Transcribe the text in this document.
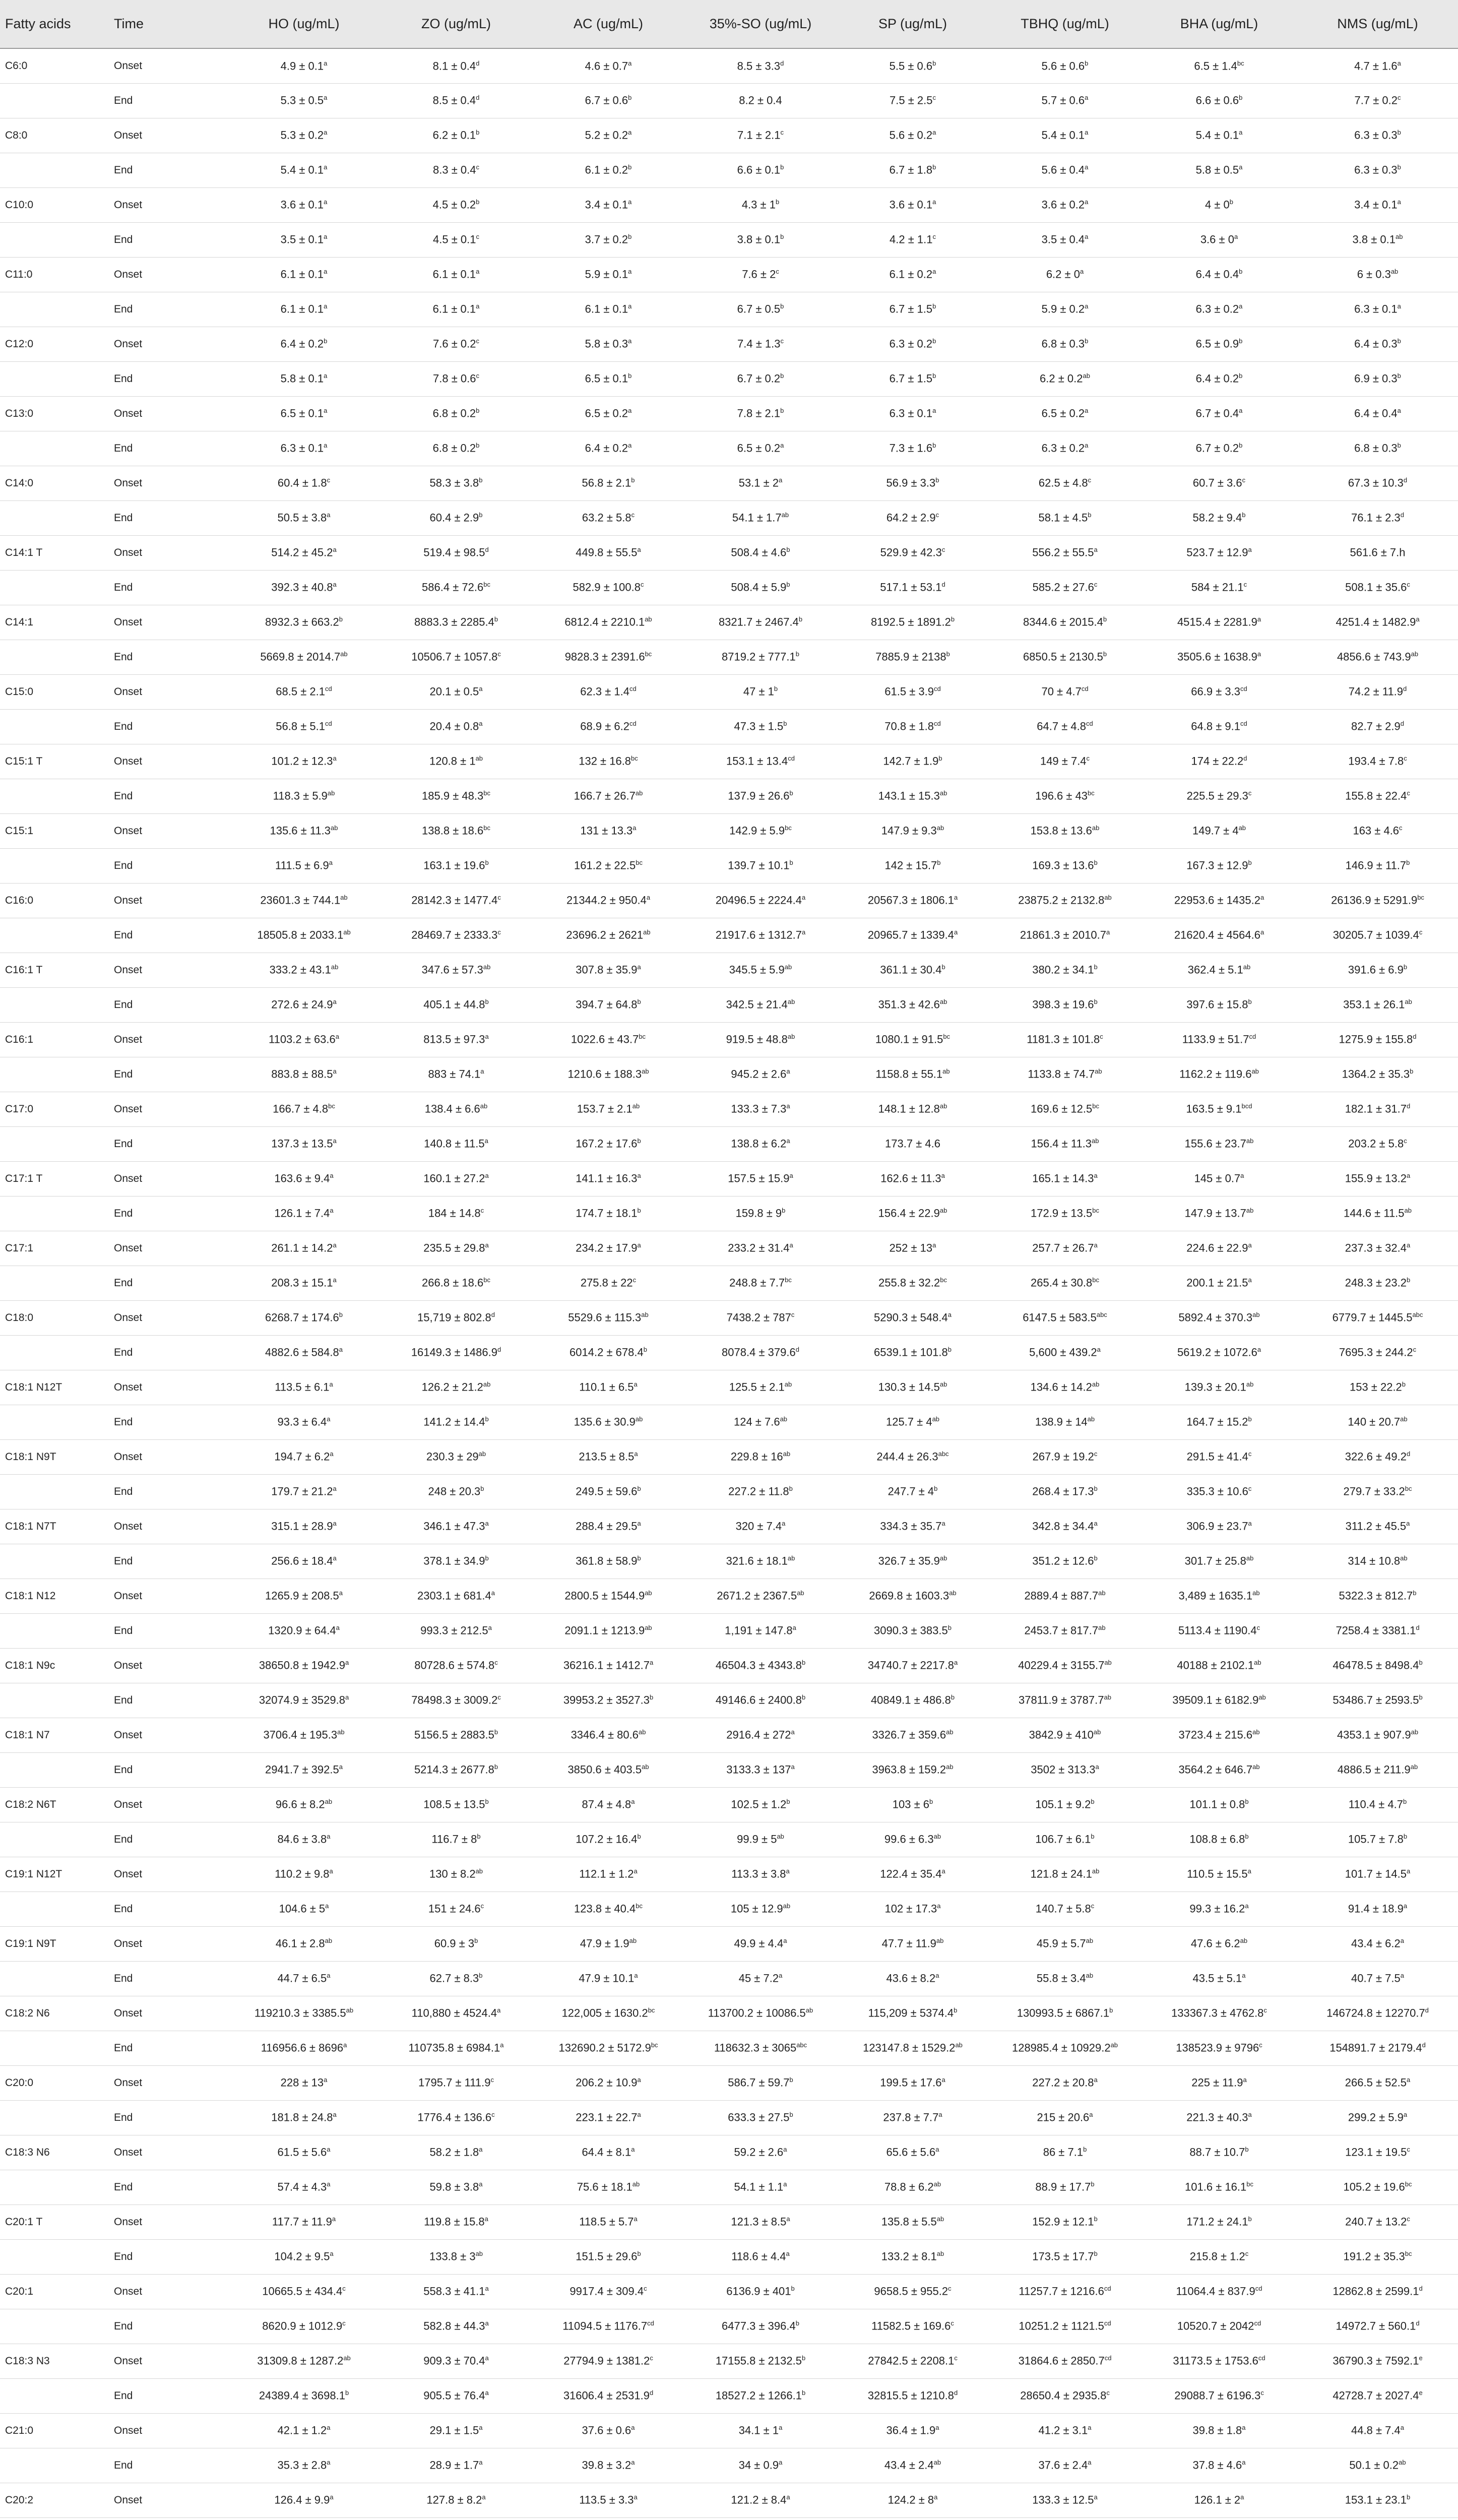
Fatty acids	Time	HO (ug/mL)	ZO (ug/mL)	AC (ug/mL)	35%-SO (ug/mL)	SP (ug/mL)	TBHQ (ug/mL)	BHA (ug/mL)	NMS (ug/mL)
C6:0	Onset	4.9 ± 0.1$^a$	8.1 ± 0.4$^d$	4.6 ± 0.7$^a$	8.5 ± 3.3$^d$	5.5 ± 0.6$^b$	5.6 ± 0.6$^b$	6.5 ± 1.4$^{bc}$	4.7 ± 1.6$^a$
	End	5.3 ± 0.5$^a$	8.5 ± 0.4$^d$	6.7 ± 0.6$^b$	8.2 ± 0.4	7.5 ± 2.5$^c$	5.7 ± 0.6$^a$	6.6 ± 0.6$^b$	7.7 ± 0.2$^c$
C8:0	Onset	5.3 ± 0.2$^a$	6.2 ± 0.1$^b$	5.2 ± 0.2$^a$	7.1 ± 2.1$^c$	5.6 ± 0.2$^a$	5.4 ± 0.1$^a$	5.4 ± 0.1$^a$	6.3 ± 0.3$^b$
	End	5.4 ± 0.1$^a$	8.3 ± 0.4$^c$	6.1 ± 0.2$^b$	6.6 ± 0.1$^b$	6.7 ± 1.8$^b$	5.6 ± 0.4$^a$	5.8 ± 0.5$^a$	6.3 ± 0.3$^b$
C10:0	Onset	3.6 ± 0.1$^a$	4.5 ± 0.2$^b$	3.4 ± 0.1$^a$	$4.3 \pm 1^b$	3.6 ± 0.1$^a$	3.6 ± 0.2$^a$	$4 \pm 0^b$	3.4 ± 0.1$^a$
	End	3.5 ± 0.1$^a$	4.5 ± 0.1$^c$	3.7 ± 0.2$^b$	3.8 ± 0.1$^b$	4.2 ± 1.1$^c$	3.5 ± 0.4$^a$	$3.6 \pm 0^a$	3.8 ± 0.1$^{ab}$
C11:0	Onset	6.1 ± 0.1$^a$	6.1 ± 0.1$^a$	5.9 ± 0.1$^a$	$7.6 \pm 2^c$	6.1 ± 0.2$^a$	$6.2 \pm 0^a$	6.4 ± 0.4$^b$	6 ± 0.3$^{ab}$
	End	6.1 ± 0.1$^a$	6.1 ± 0.1$^a$	6.1 ± 0.1$^a$	6.7 ± 0.5$^b$	6.7 ± 1.5$^b$	5.9 ± 0.2$^a$	6.3 ± 0.2$^a$	6.3 ± 0.1$^a$
C12:0	Onset	6.4 ± 0.2$^b$	7.6 ± 0.2$^c$	5.8 ± 0.3$^a$	7.4 ± 1.3$^c$	6.3 ± 0.2$^b$	6.8 ± 0.3$^b$	6.5 ± 0.9$^b$	6.4 ± 0.3$^b$
	End	5.8 ± 0.1$^a$	7.8 ± 0.6$^c$	6.5 ± 0.1$^b$	6.7 ± 0.2$^b$	6.7 ± 1.5$^b$	6.2 ± 0.2$^{ab}$	6.4 ± 0.2$^b$	6.9 ± 0.3$^b$
C13:0	Onset	6.5 ± 0.1$^a$	6.8 ± 0.2$^b$	6.5 ± 0.2$^a$	7.8 ± 2.1$^b$	6.3 ± 0.1$^a$	6.5 ± 0.2$^a$	6.7 ± 0.4$^a$	6.4 ± 0.4$^a$
	End	6.3 ± 0.1$^a$	6.8 ± 0.2$^b$	6.4 ± 0.2$^a$	6.5 ± 0.2$^a$	7.3 ± 1.6$^b$	6.3 ± 0.2$^a$	6.7 ± 0.2$^b$	6.8 ± 0.3$^b$
C14:0	Onset	60.4 ± 1.8$^c$	58.3 ± 3.8$^b$	56.8 ± 2.1$^b$	$53.1 \pm 2^a$	56.9 ± 3.3$^b$	62.5 ± 4.8$^c$	60.7 ± 3.6$^c$	67.3 ± 10.3$^d$
	End	50.5 ± 3.8$^a$	60.4 ± 2.9$^b$	63.2 ± 5.8$^c$	54.1 ± 1.7$^{ab}$	64.2 ± 2.9$^c$	58.1 ± 4.5$^b$	58.2 ± 9.4$^b$	76.1 ± 2.3$^d$
C14:1 T	Onset	514.2 ± 45.2$^a$	519.4 ± 98.5$^d$	449.8 ± 55.5$^a$	508.4 ± 4.6$^b$	529.9 ± 42.3$^c$	556.2 ± 55.5$^a$	523.7 ± 12.9$^a$	561.6 ± 7.h
	End	392.3 ± 40.8$^a$	586.4 ± 72.6$^{bc}$	582.9 ± 100.8$^c$	508.4 ± 5.9$^b$	517.1 ± 53.1$^d$	585.2 ± 27.6$^c$	584 ± 21.1$^c$	508.1 ± 35.6$^c$
C14:1	Onset	8932.3 ± 663.2$^b$	8883.3 ± 2285.4$^b$	6812.4 ± 2210.1$^{ab}$	8321.7 ± 2467.4$^b$	8192.5 ± 1891.2$^b$	8344.6 ± 2015.4$^b$	4515.4 ± 2281.9$^a$	4251.4 ± 1482.9$^a$
	End	5669.8 ± 2014.7$^{ab}$	10506.7 ± 1057.8$^c$	9828.3 ± 2391.6$^{bc}$	8719.2 ± 777.1$^b$	$7885.9 \pm 2138^b$	6850.5 ± 2130.5$^b$	3505.6 ± 1638.9$^a$	4856.6 ± 743.9$^{ab}$
C15:0	Onset	68.5 ± 2.1$^{cd}$	20.1 ± 0.5$^a$	62.3 ± 1.4$^{cd}$	$47 \pm 1^b$	61.5 ± 3.9$^{cd}$	70 ± 4.7$^{cd}$	66.9 ± 3.3$^{cd}$	74.2 ± 11.9$^d$
	End	56.8 ± 5.1$^{cd}$	20.4 ± 0.8$^a$	68.9 ± 6.2$^{cd}$	47.3 ± 1.5$^b$	70.8 ± 1.8$^{cd}$	64.7 ± 4.8$^{cd}$	64.8 ± 9.1$^{cd}$	82.7 ± 2.9$^d$
C15:1 T	Onset	101.2 ± 12.3$^a$	$120.8 \pm 1^{ab}$	132 ± 16.8$^{bc}$	153.1 ± 13.4$^{cd}$	142.7 ± 1.9$^b$	149 ± 7.4$^c$	174 ± 22.2$^d$	193.4 ± 7.8$^c$
	End	118.3 ± 5.9$^{ab}$	185.9 ± 48.3$^{bc}$	166.7 ± 26.7$^{ab}$	137.9 ± 26.6$^b$	143.1 ± 15.3$^{ab}$	$196.6 \pm 43^{bc}$	225.5 ± 29.3$^c$	155.8 ± 22.4$^c$
C15:1	Onset	135.6 ± 11.3$^{ab}$	138.8 ± 18.6$^{bc}$	131 ± 13.3$^a$	142.9 ± 5.9$^{bc}$	147.9 ± 9.3$^{ab}$	153.8 ± 13.6$^{ab}$	$149.7 \pm 4^{ab}$	163 ± 4.6$^c$
	End	111.5 ± 6.9$^a$	163.1 ± 19.6$^b$	161.2 ± 22.5$^{bc}$	139.7 ± 10.1$^b$	142 ± 15.7$^b$	169.3 ± 13.6$^b$	167.3 ± 12.9$^b$	146.9 ± 11.7$^b$
C16:0	Onset	23601.3 ± 744.1$^{ab}$	28142.3 ± 1477.4$^c$	21344.2 ± 950.4$^a$	20496.5 ± 2224.4$^a$	20567.3 ± 1806.1$^a$	23875.2 ± 2132.8$^{ab}$	22953.6 ± 1435.2$^a$	26136.9 ± 5291.9$^{bc}$
	End	18505.8 ± 2033.1$^{ab}$	28469.7 ± 2333.3$^c$	$23696.2 \pm 2621^{ab}$	21917.6 ± 1312.7$^a$	20965.7 ± 1339.4$^a$	21861.3 ± 2010.7$^a$	21620.4 ± 4564.6$^a$	30205.7 ± 1039.4$^c$
C16:1 T	Onset	333.2 ± 43.1$^{ab}$	347.6 ± 57.3$^{ab}$	307.8 ± 35.9$^a$	345.5 ± 5.9$^{ab}$	361.1 ± 30.4$^b$	380.2 ± 34.1$^b$	362.4 ± 5.1$^{ab}$	391.6 ± 6.9$^b$
	End	272.6 ± 24.9$^a$	405.1 ± 44.8$^b$	394.7 ± 64.8$^b$	342.5 ± 21.4$^{ab}$	351.3 ± 42.6$^{ab}$	398.3 ± 19.6$^b$	397.6 ± 15.8$^b$	353.1 ± 26.1$^{ab}$
C16:1	Onset	1103.2 ± 63.6$^a$	813.5 ± 97.3$^a$	1022.6 ± 43.7$^{bc}$	919.5 ± 48.8$^{ab}$	1080.1 ± 91.5$^{bc}$	1181.3 ± 101.8$^c$	1133.9 ± 51.7$^{cd}$	1275.9 ± 155.8$^d$
	End	883.8 ± 88.5$^a$	883 ± 74.1$^a$	1210.6 ± 188.3$^{ab}$	945.2 ± 2.6$^a$	1158.8 ± 55.1$^{ab}$	1133.8 ± 74.7$^{ab}$	1162.2 ± 119.6$^{ab}$	1364.2 ± 35.3$^b$
C17:0	Onset	166.7 ± 4.8$^{bc}$	138.4 ± 6.6$^{ab}$	153.7 ± 2.1$^{ab}$	133.3 ± 7.3$^a$	148.1 ± 12.8$^{ab}$	169.6 ± 12.5$^{bc}$	163.5 ± 9.1$^{bcd}$	182.1 ± 31.7$^d$
	End	137.3 ± 13.5$^a$	140.8 ± 11.5$^a$	167.2 ± 17.6$^b$	138.8 ± 6.2$^a$	173.7 ± 4.6	156.4 ± 11.3$^{ab}$	155.6 ± 23.7$^{ab}$	203.2 ± 5.8$^c$
C17:1 T	Onset	163.6 ± 9.4$^a$	160.1 ± 27.2$^a$	141.1 ± 16.3$^a$	157.5 ± 15.9$^a$	162.6 ± 11.3$^a$	165.1 ± 14.3$^a$	145 ± 0.7$^a$	155.9 ± 13.2$^a$
	End	126.1 ± 7.4$^a$	184 ± 14.8$^c$	174.7 ± 18.1$^b$	$159.8 \pm 9^b$	156.4 ± 22.9$^{ab}$	172.9 ± 13.5$^{bc}$	147.9 ± 13.7$^{ab}$	144.6 ± 11.5$^{ab}$
C17:1	Onset	261.1 ± 14.2$^a$	235.5 ± 29.8$^a$	234.2 ± 17.9$^a$	233.2 ± 31.4$^a$	$252 \pm 13^a$	257.7 ± 26.7$^a$	224.6 ± 22.9$^a$	237.3 ± 32.4$^a$
	End	208.3 ± 15.1$^a$	266.8 ± 18.6$^{bc}$	$275.8 \pm 22^c$	248.8 ± 7.7$^{bc}$	255.8 ± 32.2$^{bc}$	265.4 ± 30.8$^{bc}$	200.1 ± 21.5$^a$	248.3 ± 23.2$^b$
C18:0	Onset	6268.7 ± 174.6$^b$	15,719 ± 802.8$^d$	5529.6 ± 115.3$^{ab}$	$7438.2 \pm 787^c$	5290.3 ± 548.4$^a$	6147.5 ± 583.5$^{abc}$	5892.4 ± 370.3$^{ab}$	6779.7 ± 1445.5$^{abc}$
	End	4882.6 ± 584.8$^a$	16149.3 ± 1486.9$^d$	6014.2 ± 678.4$^b$	8078.4 ± 379.6$^d$	6539.1 ± 101.8$^b$	5,600 ± 439.2$^a$	5619.2 ± 1072.6$^a$	7695.3 ± 244.2$^c$
C18:1 N12T	Onset	113.5 ± 6.1$^a$	126.2 ± 21.2$^{ab}$	110.1 ± 6.5$^a$	125.5 ± 2.1$^{ab}$	130.3 ± 14.5$^{ab}$	134.6 ± 14.2$^{ab}$	139.3 ± 20.1$^{ab}$	153 ± 22.2$^b$
	End	93.3 ± 6.4$^a$	141.2 ± 14.4$^b$	135.6 ± 30.9$^{ab}$	124 ± 7.6$^{ab}$	$125.7 \pm 4^{ab}$	$138.9 \pm 14^{ab}$	164.7 ± 15.2$^b$	140 ± 20.7$^{ab}$
C18:1 N9T	Onset	194.7 ± 6.2$^a$	$230.3 \pm 29^{ab}$	213.5 ± 8.5$^a$	$229.8 \pm 16^{ab}$	244.4 ± 26.3$^{abc}$	267.9 ± 19.2$^c$	291.5 ± 41.4$^c$	322.6 ± 49.2$^d$
	End	179.7 ± 21.2$^a$	248 ± 20.3$^b$	249.5 ± 59.6$^b$	227.2 ± 11.8$^b$	$247.7 \pm 4^b$	268.4 ± 17.3$^b$	335.3 ± 10.6$^c$	279.7 ± 33.2$^{bc}$
C18:1 N7T	Onset	315.1 ± 28.9$^a$	346.1 ± 47.3$^a$	288.4 ± 29.5$^a$	320 ± 7.4$^a$	334.3 ± 35.7$^a$	342.8 ± 34.4$^a$	306.9 ± 23.7$^a$	311.2 ± 45.5$^a$
	End	256.6 ± 18.4$^a$	378.1 ± 34.9$^b$	361.8 ± 58.9$^b$	321.6 ± 18.1$^{ab}$	326.7 ± 35.9$^{ab}$	351.2 ± 12.6$^b$	301.7 ± 25.8$^{ab}$	314 ± 10.8$^{ab}$
C18:1 N12	Onset	1265.9 ± 208.5$^a$	2303.1 ± 681.4$^a$	2800.5 ± 1544.9$^{ab}$	2671.2 ± 2367.5$^{ab}$	2669.8 ± 1603.3$^{ab}$	2889.4 ± 887.7$^{ab}$	3,489 ± 1635.1$^{ab}$	5322.3 ± 812.7$^b$
	End	1320.9 ± 64.4$^a$	993.3 ± 212.5$^a$	2091.1 ± 1213.9$^{ab}$	1,191 ± 147.8$^a$	3090.3 ± 383.5$^b$	2453.7 ± 817.7$^{ab}$	5113.4 ± 1190.4$^c$	7258.4 ± 3381.1$^d$
C18:1 N9c	Onset	38650.8 ± 1942.9$^a$	80728.6 ± 574.8$^c$	36216.1 ± 1412.7$^a$	46504.3 ± 4343.8$^b$	34740.7 ± 2217.8$^a$	40229.4 ± 3155.7$^{ab}$	40188 ± 2102.1$^{ab}$	46478.5 ± 8498.4$^b$
	End	32074.9 ± 3529.8$^a$	78498.3 ± 3009.2$^c$	39953.2 ± 3527.3$^b$	49146.6 ± 2400.8$^b$	40849.1 ± 486.8$^b$	37811.9 ± 3787.7$^{ab}$	39509.1 ± 6182.9$^{ab}$	53486.7 ± 2593.5$^b$
C18:1 N7	Onset	3706.4 ± 195.3$^{ab}$	5156.5 ± 2883.5$^b$	3346.4 ± 80.6$^{ab}$	$2916.4 \pm 272^a$	3326.7 ± 359.6$^{ab}$	$3842.9 \pm 410^{ab}$	3723.4 ± 215.6$^{ab}$	4353.1 ± 907.9$^{ab}$
	End	2941.7 ± 392.5$^a$	5214.3 ± 2677.8$^b$	3850.6 ± 403.5$^{ab}$	$3133.3 \pm 137^a$	3963.8 ± 159.2$^{ab}$	3502 ± 313.3$^a$	3564.2 ± 646.7$^{ab}$	4886.5 ± 211.9$^{ab}$
C18:2 N6T	Onset	96.6 ± 8.2$^{ab}$	108.5 ± 13.5$^b$	87.4 ± 4.8$^a$	102.5 ± 1.2$^b$	$103 \pm 6^b$	105.1 ± 9.2$^b$	101.1 ± 0.8$^b$	110.4 ± 4.7$^b$
	End	84.6 ± 3.8$^a$	$116.7 \pm 8^b$	107.2 ± 16.4$^b$	$99.9 \pm 5^{ab}$	99.6 ± 6.3$^{ab}$	106.7 ± 6.1$^b$	108.8 ± 6.8$^b$	105.7 ± 7.8$^b$
C19:1 N12T	Onset	110.2 ± 9.8$^a$	130 ± 8.2$^{ab}$	112.1 ± 1.2$^a$	113.3 ± 3.8$^a$	122.4 ± 35.4$^a$	121.8 ± 24.1$^{ab}$	110.5 ± 15.5$^a$	101.7 ± 14.5$^a$
	End	$104.6 \pm 5^a$	151 ± 24.6$^c$	123.8 ± 40.4$^{bc}$	105 ± 12.9$^{ab}$	102 ± 17.3$^a$	140.7 ± 5.8$^c$	99.3 ± 16.2$^a$	91.4 ± 18.9$^a$
C19:1 N9T	Onset	46.1 ± 2.8$^{ab}$	$60.9 \pm 3^b$	47.9 ± 1.9$^{ab}$	49.9 ± 4.4$^a$	47.7 ± 11.9$^{ab}$	45.9 ± 5.7$^{ab}$	47.6 ± 6.2$^{ab}$	43.4 ± 6.2$^a$
	End	44.7 ± 6.5$^a$	62.7 ± 8.3$^b$	47.9 ± 10.1$^a$	45 ± 7.2$^a$	43.6 ± 8.2$^a$	55.8 ± 3.4$^{ab}$	43.5 ± 5.1$^a$	40.7 ± 7.5$^a$
C18:2 N6	Onset	119210.3 ± 3385.5$^{ab}$	110,880 ± 4524.4$^a$	122,005 ± 1630.2$^{bc}$	113700.2 ± 10086.5$^{ab}$	115,209 ± 5374.4$^b$	130993.5 ± 6867.1$^b$	133367.3 ± 4762.8$^c$	146724.8 ± 12270.7$^d$
	End	$116956.6 \pm 8696^a$	110735.8 ± 6984.1$^a$	132690.2 ± 5172.9$^{bc}$	$118632.3 \pm 3065^{abc}$	123147.8 ± 1529.2$^{ab}$	128985.4 ± 10929.2$^{ab}$	$138523.9 \pm 9796^c$	154891.7 ± 2179.4$^d$
C20:0	Onset	$228 \pm 13^a$	1795.7 ± 111.9$^c$	206.2 ± 10.9$^a$	586.7 ± 59.7$^b$	199.5 ± 17.6$^a$	227.2 ± 20.8$^a$	225 ± 11.9$^a$	266.5 ± 52.5$^a$
	End	181.8 ± 24.8$^a$	1776.4 ± 136.6$^c$	223.1 ± 22.7$^a$	633.3 ± 27.5$^b$	237.8 ± 7.7$^a$	215 ± 20.6$^a$	221.3 ± 40.3$^a$	299.2 ± 5.9$^a$
C18:3 N6	Onset	61.5 ± 5.6$^a$	58.2 ± 1.8$^a$	64.4 ± 8.1$^a$	59.2 ± 2.6$^a$	65.6 ± 5.6$^a$	86 ± 7.1$^b$	88.7 ± 10.7$^b$	123.1 ± 19.5$^c$
	End	57.4 ± 4.3$^a$	59.8 ± 3.8$^a$	75.6 ± 18.1$^{ab}$	54.1 ± 1.1$^a$	78.8 ± 6.2$^{ab}$	88.9 ± 17.7$^b$	101.6 ± 16.1$^{bc}$	105.2 ± 19.6$^{bc}$
C20:1 T	Onset	117.7 ± 11.9$^a$	119.8 ± 15.8$^a$	118.5 ± 5.7$^a$	121.3 ± 8.5$^a$	135.8 ± 5.5$^{ab}$	152.9 ± 12.1$^b$	171.2 ± 24.1$^b$	240.7 ± 13.2$^c$
	End	104.2 ± 9.5$^a$	$133.8 \pm 3^{ab}$	151.5 ± 29.6$^b$	118.6 ± 4.4$^a$	133.2 ± 8.1$^{ab}$	173.5 ± 17.7$^b$	215.8 ± 1.2$^c$	191.2 ± 35.3$^{bc}$
C20:1	Onset	10665.5 ± 434.4$^c$	558.3 ± 41.1$^a$	9917.4 ± 309.4$^c$	$6136.9 \pm 401^b$	9658.5 ± 955.2$^c$	11257.7 ± 1216.6$^{cd}$	11064.4 ± 837.9$^{cd}$	12862.8 ± 2599.1$^d$
	End	8620.9 ± 1012.9$^c$	582.8 ± 44.3$^a$	11094.5 ± 1176.7$^{cd}$	6477.3 ± 396.4$^b$	11582.5 ± 169.6$^c$	10251.2 ± 1121.5$^{cd}$	$10520.7 \pm 2042^{cd}$	14972.7 ± 560.1$^d$
C18:3 N3	Onset	31309.8 ± 1287.2$^{ab}$	909.3 ± 70.4$^a$	27794.9 ± 1381.2$^c$	17155.8 ± 2132.5$^b$	27842.5 ± 2208.1$^c$	31864.6 ± 2850.7$^{cd}$	31173.5 ± 1753.6$^{cd}$	36790.3 ± 7592.1$^e$
	End	24389.4 ± 3698.1$^b$	905.5 ± 76.4$^a$	31606.4 ± 2531.9$^d$	18527.2 ± 1266.1$^b$	32815.5 ± 1210.8$^d$	28650.4 ± 2935.8$^c$	29088.7 ± 6196.3$^c$	42728.7 ± 2027.4$^e$
C21:0	Onset	42.1 ± 1.2$^a$	29.1 ± 1.5$^a$	37.6 ± 0.6$^a$	$34.1 \pm 1^a$	36.4 ± 1.9$^a$	41.2 ± 3.1$^a$	39.8 ± 1.8$^a$	44.8 ± 7.4$^a$
	End	35.3 ± 2.8$^a$	28.9 ± 1.7$^a$	39.8 ± 3.2$^a$	34 ± 0.9$^a$	43.4 ± 2.4$^{ab}$	37.6 ± 2.4$^a$	37.8 ± 4.6$^a$	50.1 ± 0.2$^{ab}$
C20:2	Onset	126.4 ± 9.9$^a$	127.8 ± 8.2$^a$	113.5 ± 3.3$^a$	121.2 ± 8.4$^a$	$124.2 \pm 8^a$	133.3 ± 12.5$^a$	$126.1 \pm 2^a$	153.1 ± 23.1$^b$
